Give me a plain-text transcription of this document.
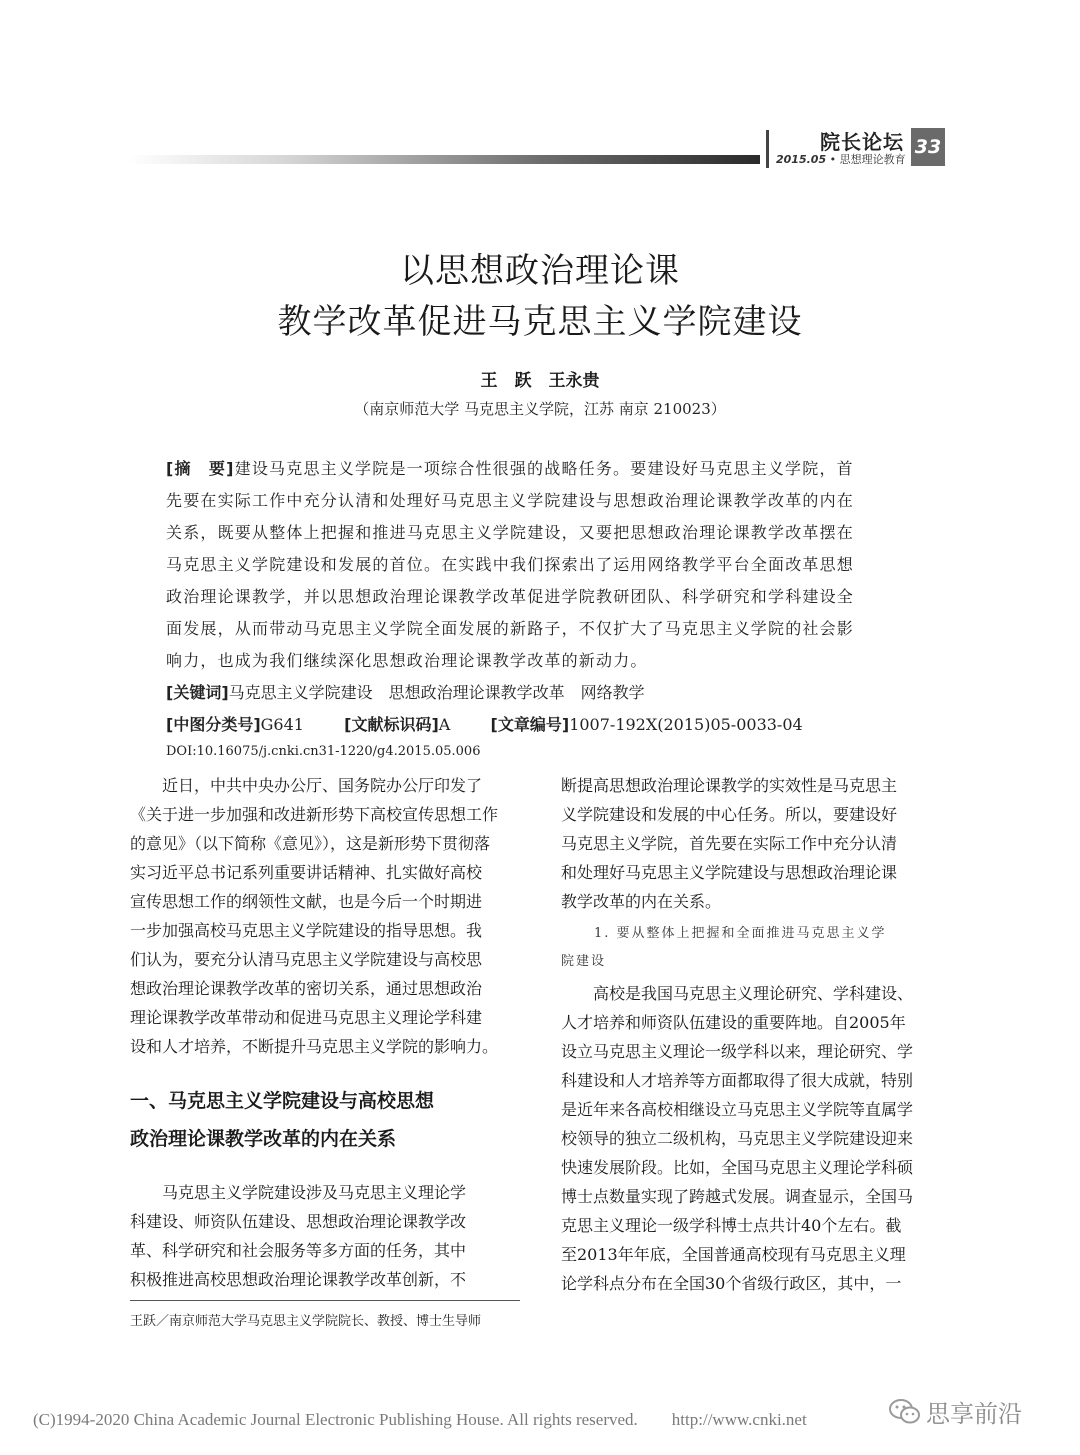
院长论坛
2015.05 • 思想理论教育
33
以思想政治理论课
教学改革促进马克思主义学院建设
王　跃　王永贵
（南京师范大学 马克思主义学院，江苏 南京 210023）
[摘　要]建设马克思主义学院是一项综合性很强的战略任务。要建设好马克思主义学院，首
先要在实际工作中充分认清和处理好马克思主义学院建设与思想政治理论课教学改革的内在
关系，既要从整体上把握和推进马克思主义学院建设，又要把思想政治理论课教学改革摆在
马克思主义学院建设和发展的首位。在实践中我们探索出了运用网络教学平台全面改革思想
政治理论课教学，并以思想政治理论课教学改革促进学院教研团队、科学研究和学科建设全
面发展，从而带动马克思主义学院全面发展的新路子，不仅扩大了马克思主义学院的社会影
响力，也成为我们继续深化思想政治理论课教学改革的新动力。
[关键词]马克思主义学院建设　思想政治理论课教学改革　网络教学
[中图分类号]G641	[文献标识码]A	[文章编号]1007-192X(2015)05-0033-04
DOI:10.16075/j.cnki.cn31-1220/g4.2015.05.006
　　近日，中共中央办公厅、国务院办公厅印发了
《关于进一步加强和改进新形势下高校宣传思想工作
的意见》（以下简称《意见》），这是新形势下贯彻落
实习近平总书记系列重要讲话精神、扎实做好高校
宣传思想工作的纲领性文献，也是今后一个时期进
一步加强高校马克思主义学院建设的指导思想。我
们认为，要充分认清马克思主义学院建设与高校思
想政治理论课教学改革的密切关系，通过思想政治
理论课教学改革带动和促进马克思主义理论学科建
设和人才培养，不断提升马克思主义学院的影响力。
一、马克思主义学院建设与高校思想
政治理论课教学改革的内在关系
　　马克思主义学院建设涉及马克思主义理论学
科建设、师资队伍建设、思想政治理论课教学改
革、科学研究和社会服务等多方面的任务，其中
积极推进高校思想政治理论课教学改革创新，不
王跃／南京师范大学马克思主义学院院长、教授、博士生导师
断提高思想政治理论课教学的实效性是马克思主
义学院建设和发展的中心任务。所以，要建设好
马克思主义学院，首先要在实际工作中充分认清
和处理好马克思主义学院建设与思想政治理论课
教学改革的内在关系。
1. 要从整体上把握和全面推进马克思主义学
院建设
　　高校是我国马克思主义理论研究、学科建设、
人才培养和师资队伍建设的重要阵地。自2005年
设立马克思主义理论一级学科以来，理论研究、学
科建设和人才培养等方面都取得了很大成就，特别
是近年来各高校相继设立马克思主义学院等直属学
校领导的独立二级机构，马克思主义学院建设迎来
快速发展阶段。比如，全国马克思主义理论学科硕
博士点数量实现了跨越式发展。调查显示，全国马
克思主义理论一级学科博士点共计40个左右。截
至2013年年底，全国普通高校现有马克思主义理
论学科点分布在全国30个省级行政区，其中，一
(C)1994-2020 China Academic Journal Electronic Publishing House. All rights reserved.　　http://www.cnki.net	思享前沿
